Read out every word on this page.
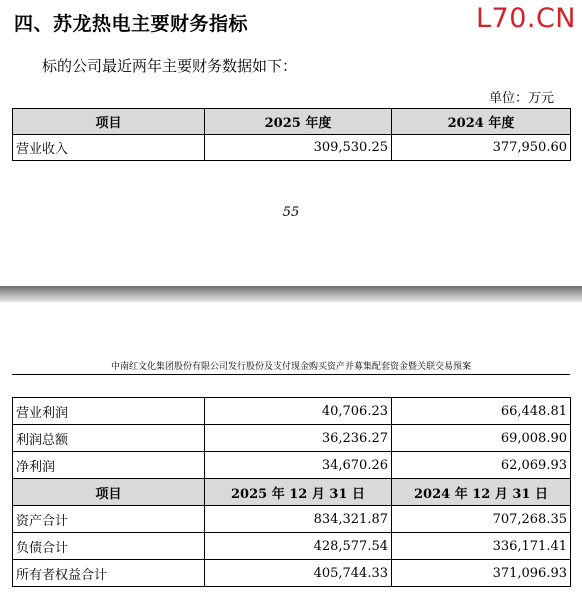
四、苏龙热电主要财务指标	L70.CN
标的公司最近两年主要财务数据如下：
单位：万元
项目	2025 年度	2024 年度
营业收入	309,530.25	377,950.60
55
中南红文化集团股份有限公司发行股份及支付现金购买资产并募集配套资金暨关联交易预案
营业利润	40,706.23	66,448.81
利润总额	36,236.27	69,008.90
净利润	34,670.26	62,069.93
项目	2025 年 12 月 31 日	2024 年 12 月 31 日
资产合计	834,321.87	707,268.35
负债合计	428,577.54	336,171.41
所有者权益合计	405,744.33	371,096.93
